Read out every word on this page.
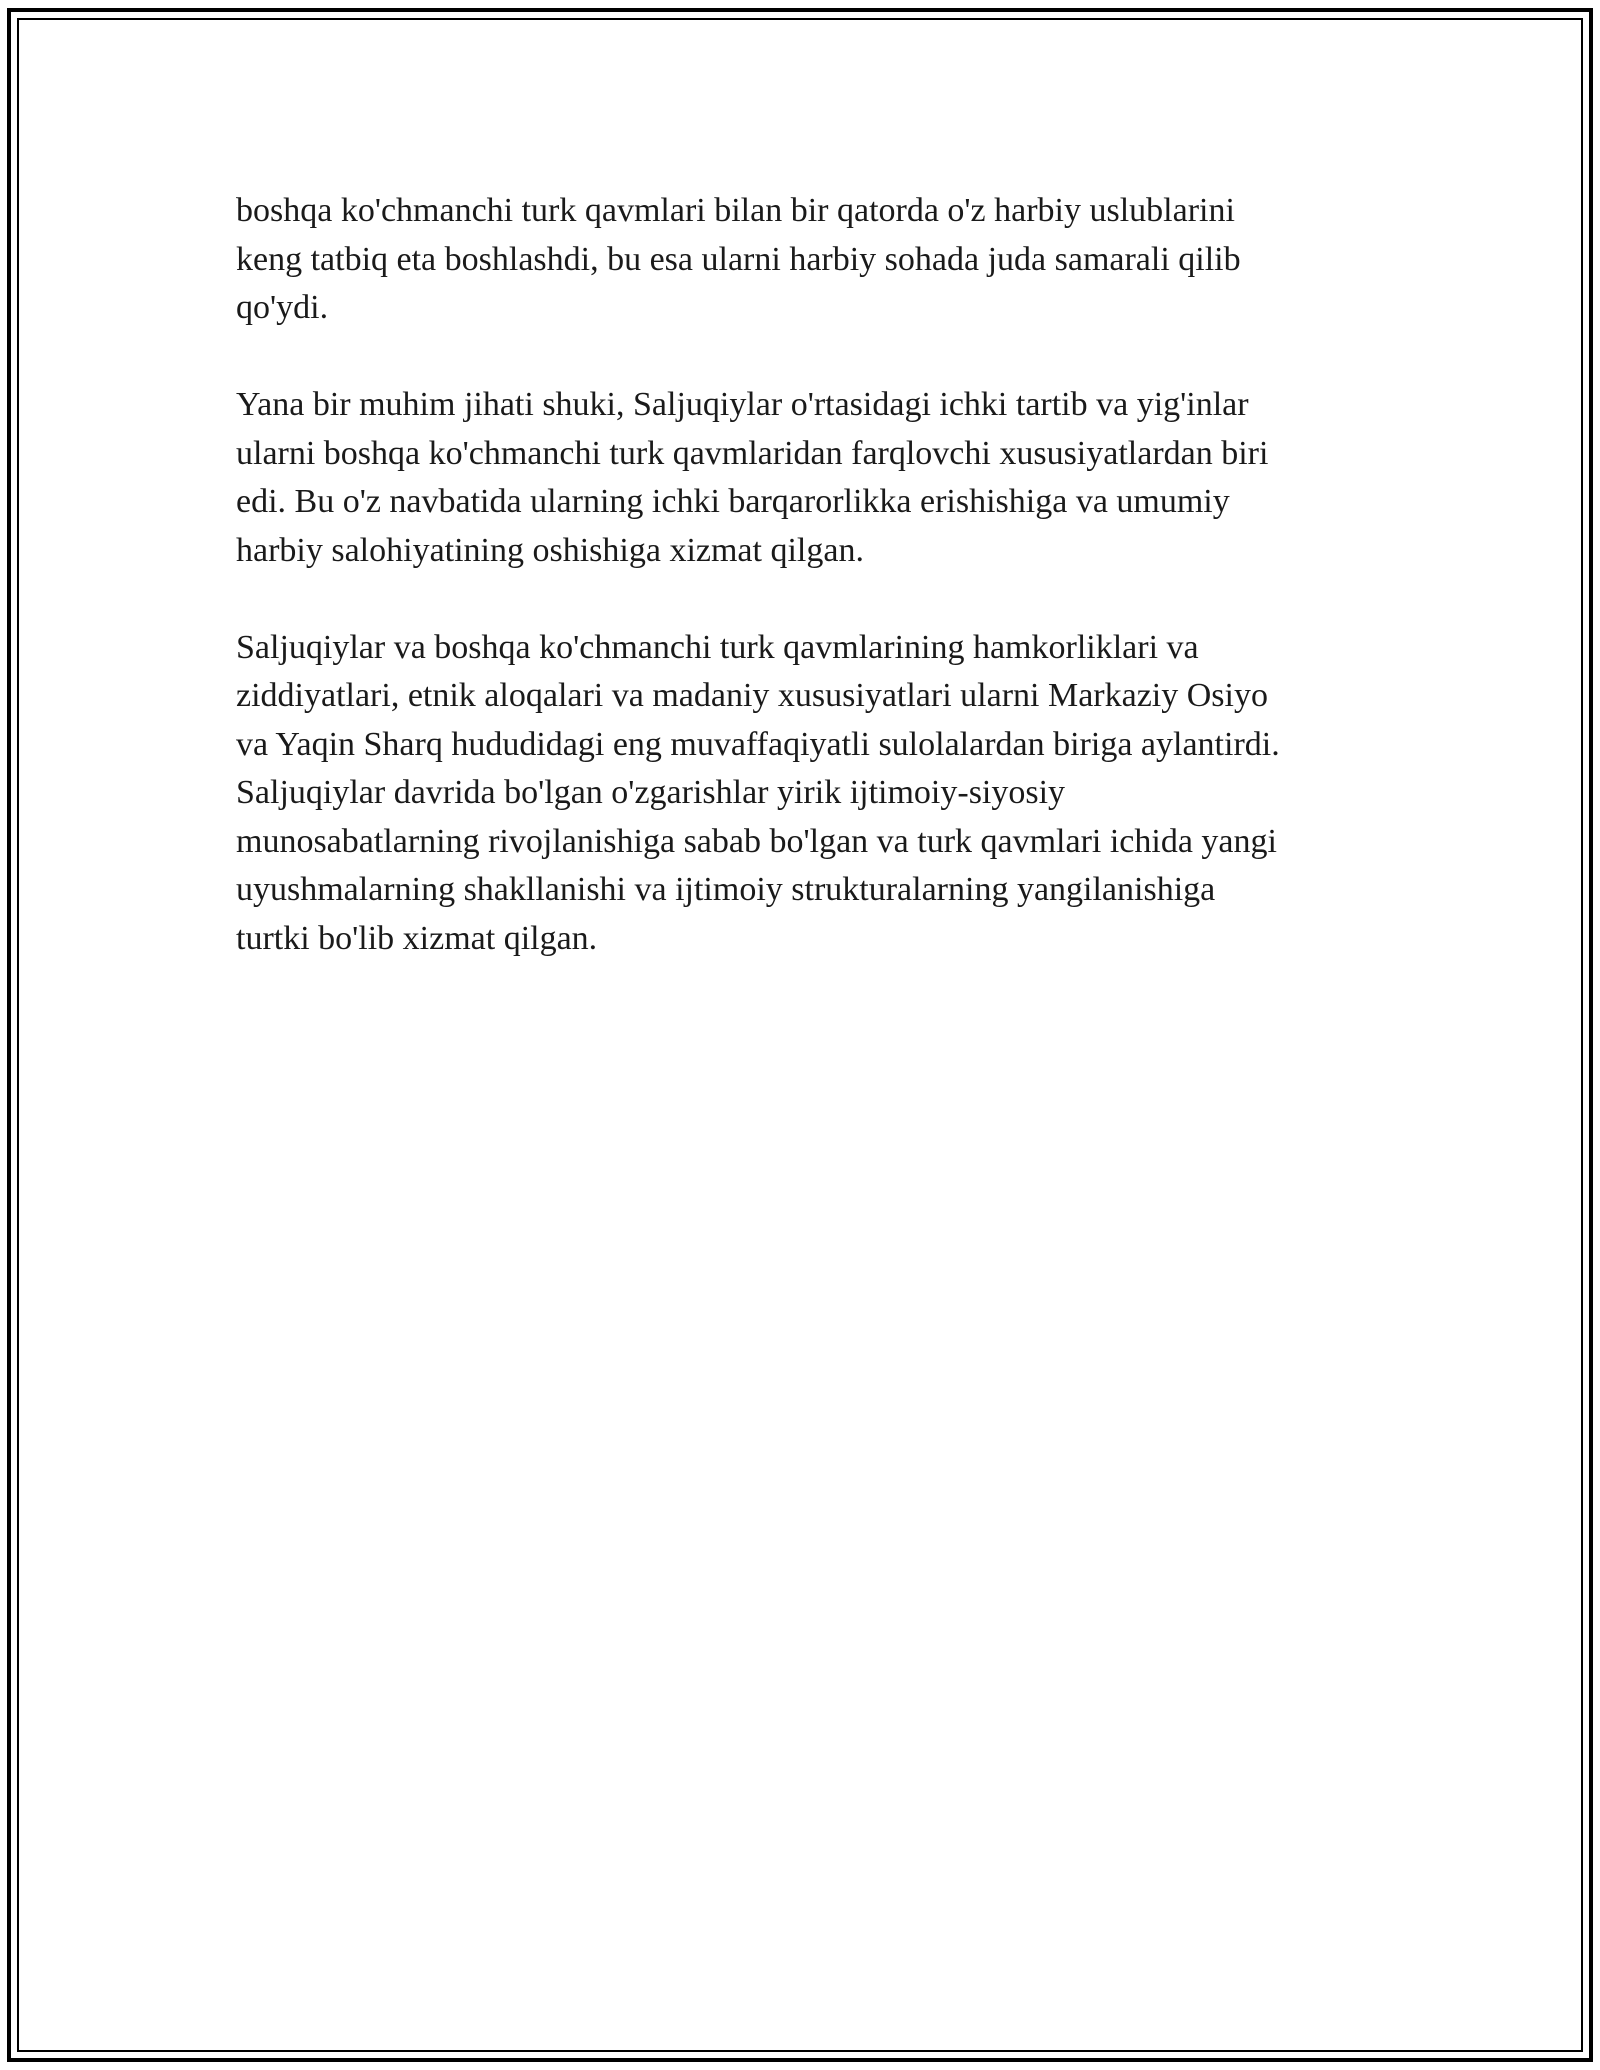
boshqa ko'chmanchi turk qavmlari bilan bir qatorda o'z harbiy uslublarini
keng tatbiq eta boshlashdi, bu esa ularni harbiy sohada juda samarali qilib
qo'ydi.

Yana bir muhim jihati shuki, Saljuqiylar o'rtasidagi ichki tartib va yig'inlar
ularni boshqa ko'chmanchi turk qavmlaridan farqlovchi xususiyatlardan biri
edi. Bu o'z navbatida ularning ichki barqarorlikka erishishiga va umumiy
harbiy salohiyatining oshishiga xizmat qilgan.

Saljuqiylar va boshqa ko'chmanchi turk qavmlarining hamkorliklari va
ziddiyatlari, etnik aloqalari va madaniy xususiyatlari ularni Markaziy Osiyo
va Yaqin Sharq hududidagi eng muvaffaqiyatli sulolalardan biriga aylantirdi.
Saljuqiylar davrida bo'lgan o'zgarishlar yirik ijtimoiy-siyosiy
munosabatlarning rivojlanishiga sabab bo'lgan va turk qavmlari ichida yangi
uyushmalarning shakllanishi va ijtimoiy strukturalarning yangilanishiga
turtki bo'lib xizmat qilgan.
